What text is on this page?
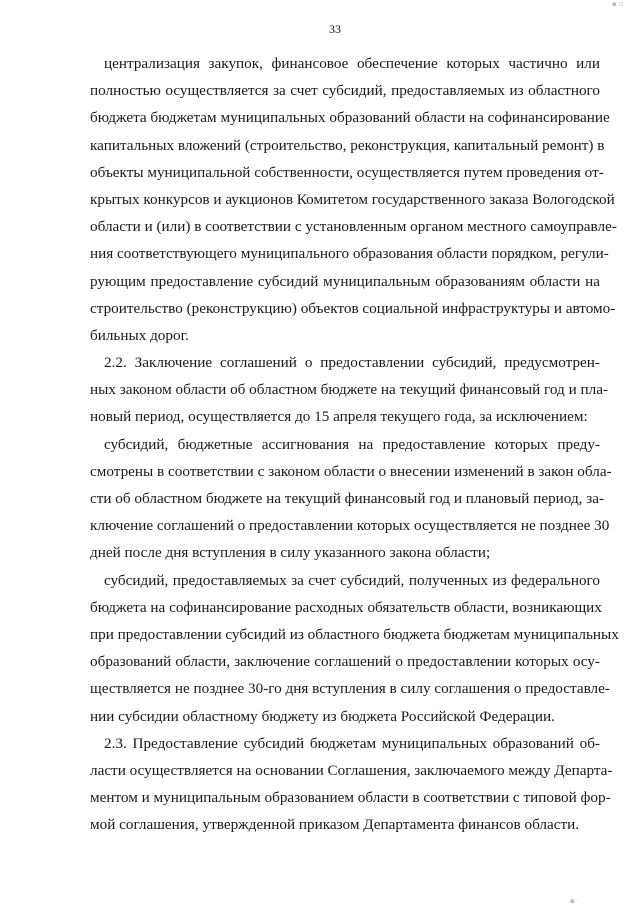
33
централизация закупок, финансовое обеспечение которых частично или
полностью осуществляется за счет субсидий, предоставляемых из областного
бюджета бюджетам муниципальных образований области на софинансирование
капитальных вложений (строительство, реконструкция, капитальный ремонт) в
объекты муниципальной собственности, осуществляется путем проведения от-
крытых конкурсов и аукционов Комитетом государственного заказа Вологодской
области и (или) в соответствии с установленным органом местного самоуправле-
ния соответствующего муниципального образования области порядком, регули-
рующим предоставление субсидий муниципальным образованиям области на
строительство (реконструкцию) объектов социальной инфраструктуры и автомо-
бильных дорог.
2.2. Заключение соглашений о предоставлении субсидий, предусмотрен-
ных законом области об областном бюджете на текущий финансовый год и пла-
новый период, осуществляется до 15 апреля текущего года, за исключением:
субсидий, бюджетные ассигнования на предоставление которых преду-
смотрены в соответствии с законом области о внесении изменений в закон обла-
сти об областном бюджете на текущий финансовый год и плановый период, за-
ключение соглашений о предоставлении которых осуществляется не позднее 30
дней после дня вступления в силу указанного закона области;
субсидий, предоставляемых за счет субсидий, полученных из федерального
бюджета на софинансирование расходных обязательств области, возникающих
при предоставлении субсидий из областного бюджета бюджетам муниципальных
образований области, заключение соглашений о предоставлении которых осу-
ществляется не позднее 30-го дня вступления в силу соглашения о предоставле-
нии субсидии областному бюджету из бюджета Российской Федерации.
2.3. Предоставление субсидий бюджетам муниципальных образований об-
ласти осуществляется на основании Соглашения, заключаемого между Департа-
ментом и муниципальным образованием области в соответствии с типовой фор-
мой соглашения, утвержденной приказом Департамента финансов области.
▪ ▫
▪ ·
